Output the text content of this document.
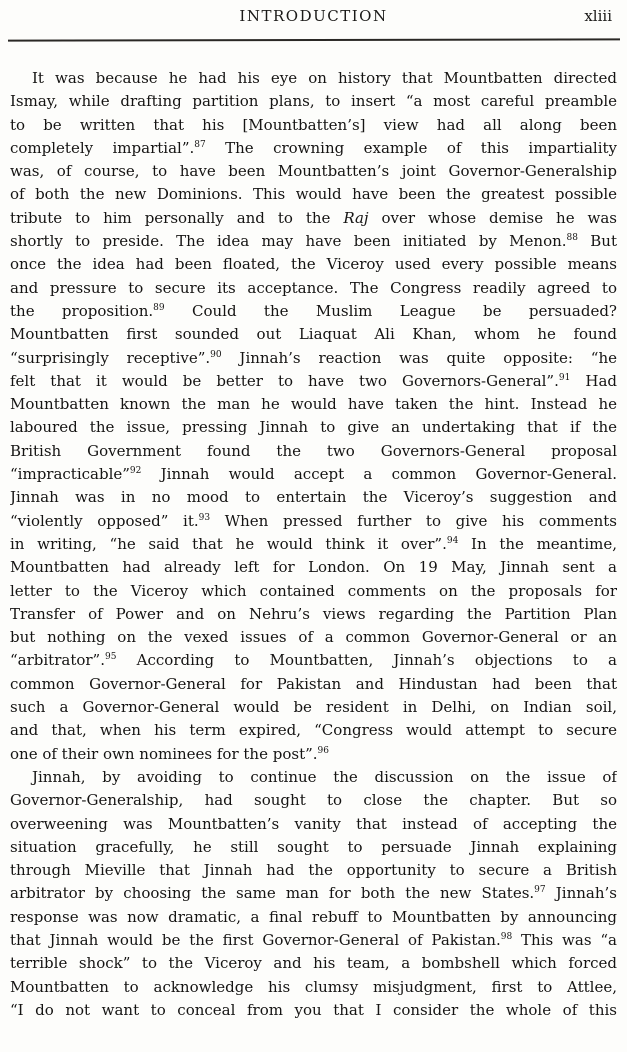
INTRODUCTION	xliii
It was because he had his eye on history that Mountbatten directed
Ismay, while drafting partition plans, to insert “a most careful preamble
to be written that his [Mountbatten’s] view had all along been
completely impartial”.$^{87}$ The crowning example of this impartiality
was, of course, to have been Mountbatten’s joint Governor-Generalship
of both the new Dominions. This would have been the greatest possible
tribute to him personally and to the Raj over whose demise he was
shortly to preside. The idea may have been initiated by Menon.$^{88}$ But
once the idea had been floated, the Viceroy used every possible means
and pressure to secure its acceptance. The Congress readily agreed to
the proposition.$^{89}$ Could the Muslim League be persuaded?
Mountbatten first sounded out Liaquat Ali Khan, whom he found
“surprisingly receptive”.$^{90}$ Jinnah’s reaction was quite opposite: “he
felt that it would be better to have two Governors-General”.$^{91}$ Had
Mountbatten known the man he would have taken the hint. Instead he
laboured the issue, pressing Jinnah to give an undertaking that if the
British Government found the two Governors-General proposal
“impracticable”$^{92}$ Jinnah would accept a common Governor-General.
Jinnah was in no mood to entertain the Viceroy’s suggestion and
“violently opposed” it.$^{93}$ When pressed further to give his comments
in writing, “he said that he would think it over”.$^{94}$ In the meantime,
Mountbatten had already left for London. On 19 May, Jinnah sent a
letter to the Viceroy which contained comments on the proposals for
Transfer of Power and on Nehru’s views regarding the Partition Plan
but nothing on the vexed issues of a common Governor-General or an
“arbitrator”.$^{95}$ According to Mountbatten, Jinnah’s objections to a
common Governor-General for Pakistan and Hindustan had been that
such a Governor-General would be resident in Delhi, on Indian soil,
and that, when his term expired, “Congress would attempt to secure
one of their own nominees for the post”.$^{96}$
Jinnah, by avoiding to continue the discussion on the issue of
Governor-Generalship, had sought to close the chapter. But so
overweening was Mountbatten’s vanity that instead of accepting the
situation gracefully, he still sought to persuade Jinnah explaining
through Mieville that Jinnah had the opportunity to secure a British
arbitrator by choosing the same man for both the new States.$^{97}$ Jinnah’s
response was now dramatic, a final rebuff to Mountbatten by announcing
that Jinnah would be the first Governor-General of Pakistan.$^{98}$ This was “a
terrible shock” to the Viceroy and his team, a bombshell which forced
Mountbatten to acknowledge his clumsy misjudgment, first to Attlee,
“I do not want to conceal from you that I consider the whole of this
